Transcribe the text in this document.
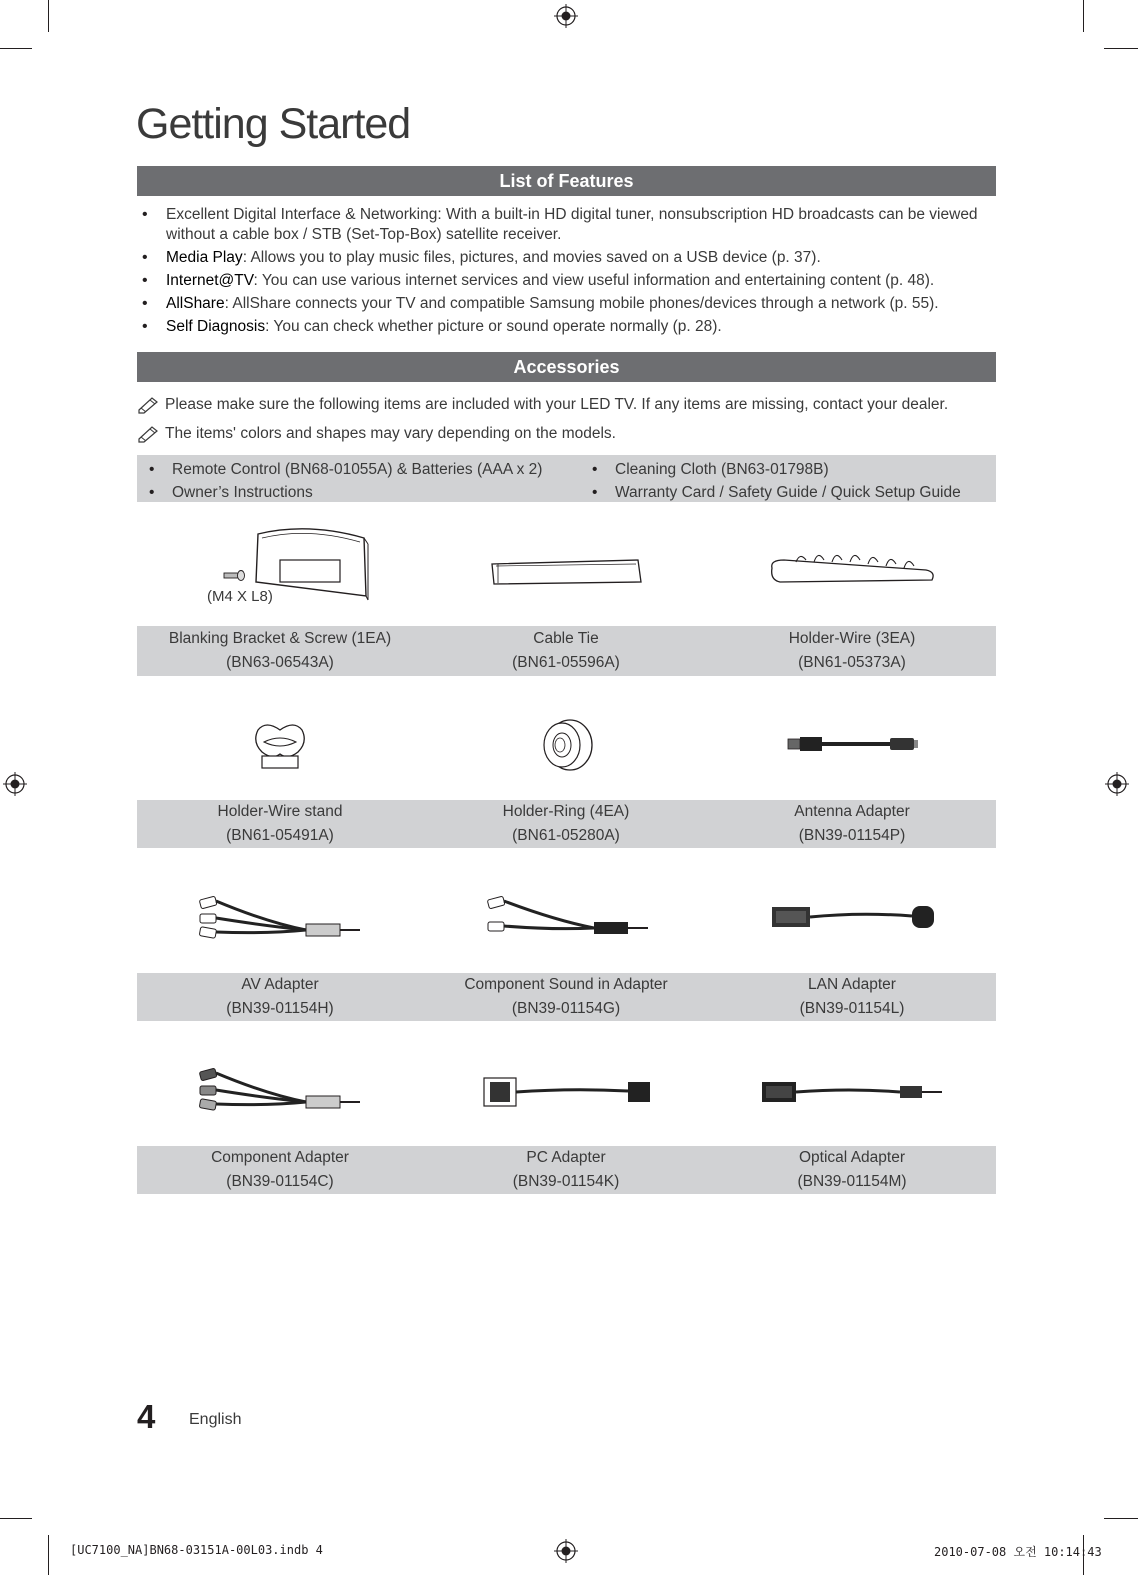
Getting Started
List of Features
• Excellent Digital Interface & Networking: With a built-in HD digital tuner, nonsubscription HD broadcasts can be viewed without a cable box / STB (Set-Top-Box) satellite receiver.
• Media Play: Allows you to play music files, pictures, and movies saved on a USB device (p. 37).
• Internet@TV: You can use various internet services and view useful information and entertaining content (p. 48).
• AllShare: AllShare connects your TV and compatible Samsung mobile phones/devices through a network (p. 55).
• Self Diagnosis: You can check whether picture or sound operate normally (p. 28).
Accessories
Please make sure the following items are included with your LED TV. If any items are missing, contact your dealer.
The items' colors and shapes may vary depending on the models.
• Remote Control (BN68-01055A) & Batteries (AAA x 2)
• Owner’s Instructions
• Cleaning Cloth (BN63-01798B)
• Warranty Card / Safety Guide / Quick Setup Guide
(M4 X L8)
Blanking Bracket & Screw (1EA)
(BN63-06543A)
Cable Tie
(BN61-05596A)
Holder-Wire (3EA)
(BN61-05373A)
Holder-Wire stand
(BN61-05491A)
Holder-Ring (4EA)
(BN61-05280A)
Antenna Adapter
(BN39-01154P)
AV Adapter
(BN39-01154H)
Component Sound in Adapter
(BN39-01154G)
LAN Adapter
(BN39-01154L)
Component Adapter
(BN39-01154C)
PC Adapter
(BN39-01154K)
Optical Adapter
(BN39-01154M)
4 English
[UC7100_NA]BN68-03151A-00L03.indb 4	2010-07-08 오전 10:14:43
